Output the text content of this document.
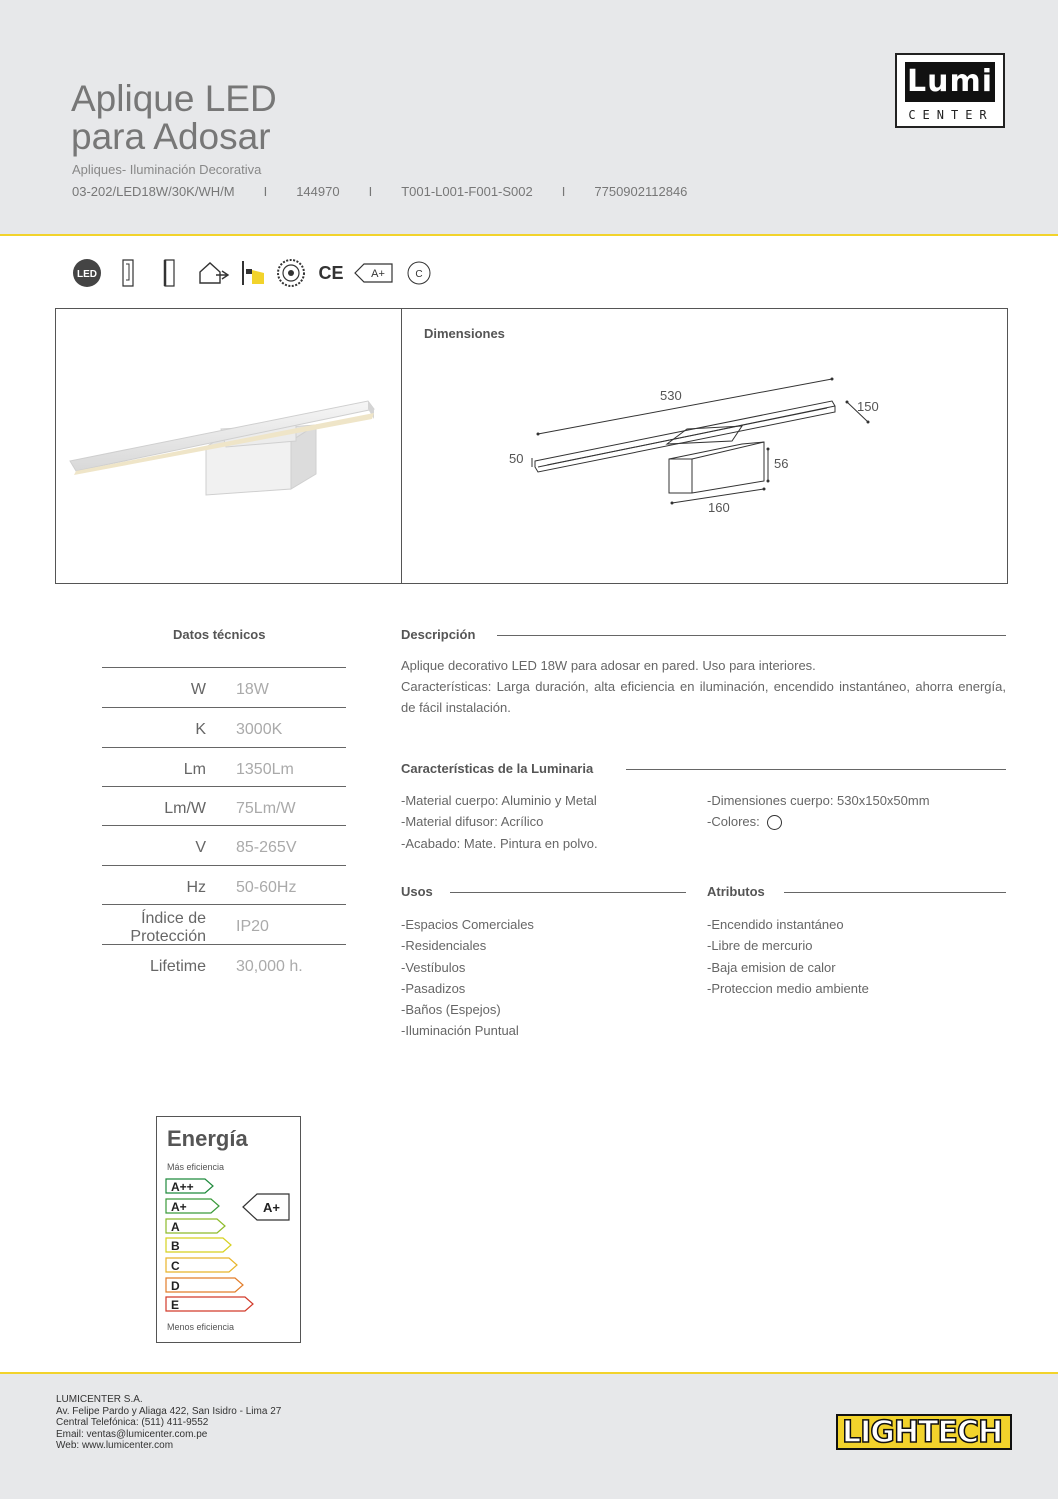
Aplique LED
para Adosar
Apliques- Iluminación Decorativa
03-202/LED18W/30K/WH/M I 144970 I T001-L001-F001-S002 I 7750902112846
Lumi
CENTER
LED	CE	A+	C
Dimensiones
530
150
50	56
160
Datos técnicos
W 18W
K 3000K
Lm 1350Lm
Lm/W 75Lm/W
V 85-265V
Hz 50-60Hz
Índice de
Protección
IP20
Lifetime 30,000 h.
Descripción
Aplique decorativo LED 18W para adosar en pared. Uso para interiores.
Características: Larga duración, alta eficiencia en iluminación, encendido instantáneo, ahorra energía, de fácil instalación.
Características de la Luminaria
-Material cuerpo: Aluminio y Metal
-Material difusor: Acrílico
-Acabado: Mate. Pintura en polvo.
-Dimensiones cuerpo: 530x150x50mm
-Colores:
Usos
-Espacios Comerciales
-Residenciales
-Vestíbulos
-Pasadizos
-Baños (Espejos)
-Iluminación Puntual
Atributos
-Encendido instantáneo
-Libre de mercurio
-Baja emision de calor
-Proteccion medio ambiente
Energía
Más eficiencia
A++
A+
A
B
C
D
E
A+
Menos eficiencia
LUMICENTER S.A.
Av. Felipe Pardo y Aliaga 422, San Isidro - Lima 27
Central Telefónica: (511) 411-9552
Email: ventas@lumicenter.com.pe
Web: www.lumicenter.com	LIGHTECH
